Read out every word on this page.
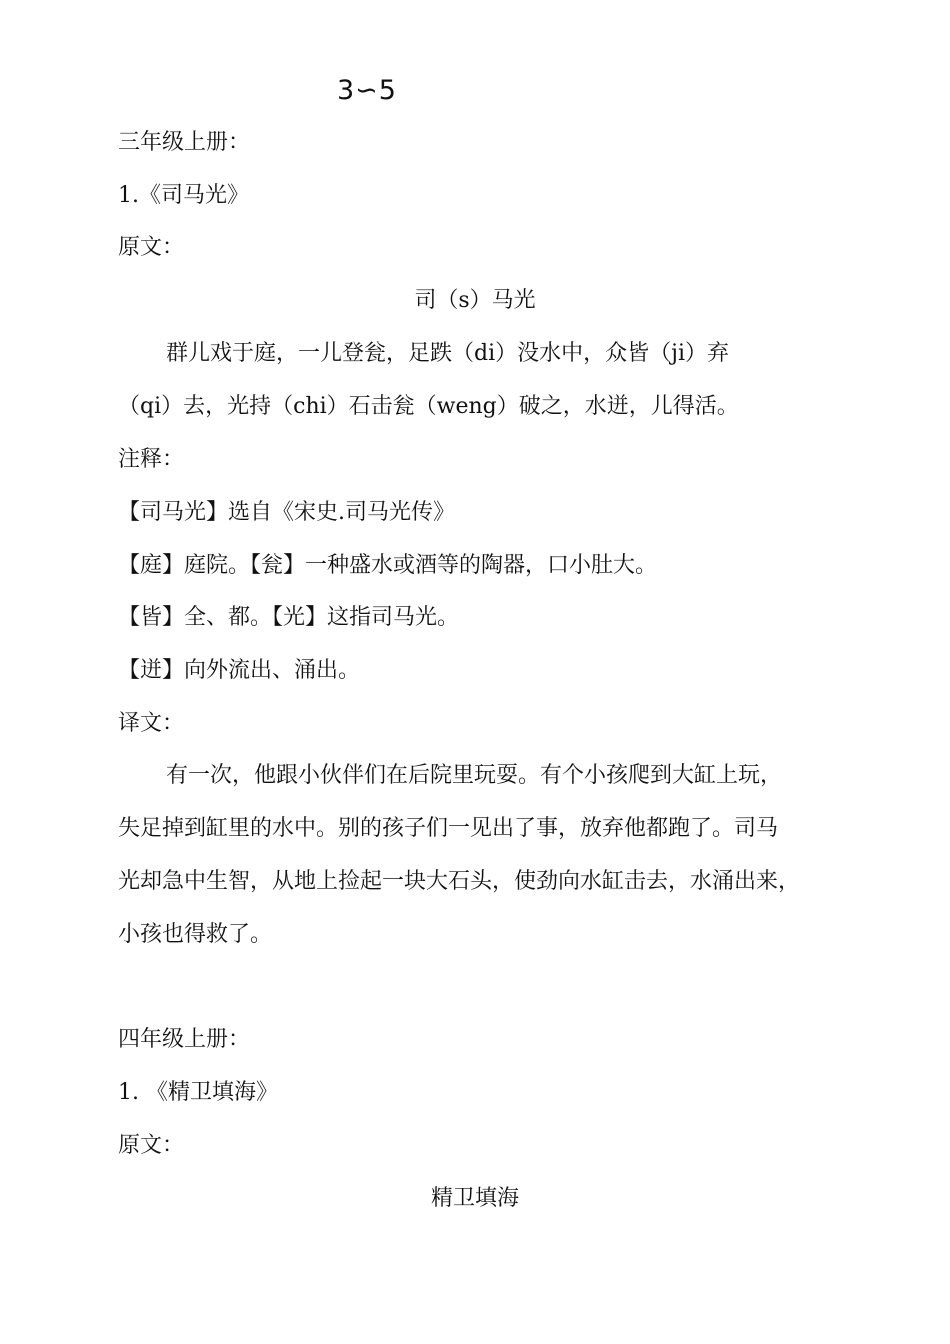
3∽5
三年级上册：
1.《司马光》
原文：
司（s）马光
群儿戏于庭，一儿登瓮，足跌（di）没水中，众皆（ji）弃
（qi）去，光持（chi）石击瓮（weng）破之，水迸，儿得活。
注释：
【司马光】选自《宋史.司马光传》
【庭】庭院。【瓮】一种盛水或酒等的陶器，口小肚大。
【皆】全、都。【光】这指司马光。
【迸】向外流出、涌出。
译文：
有一次，他跟小伙伴们在后院里玩耍。有个小孩爬到大缸上玩，
失足掉到缸里的水中。别的孩子们一见出了事，放弃他都跑了。司马
光却急中生智，从地上捡起一块大石头，使劲向水缸击去，水涌出来，
小孩也得救了。
四年级上册：
1. 《精卫填海》
原文：
精卫填海
